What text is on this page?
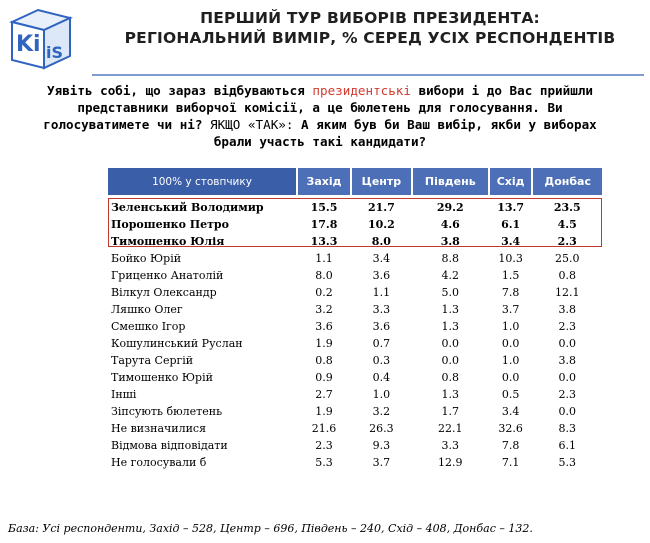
Ki iS
ПЕРШИЙ ТУР ВИБОРІВ ПРЕЗИДЕНТА:
РЕГІОНАЛЬНИЙ ВИМІР, % СЕРЕД УСІХ РЕСПОНДЕНТІВ
Уявіть собі, що зараз відбуваються президентські вибори і до Вас прийшли представники виборчої комісії, а це бюлетень для голосування. Ви голосуватимете чи ні? ЯКЩО «ТАК»: А яким був би Ваш вибір, якби у виборах брали участь такі кандидати?
100% у стовпчику	Захід	Центр	Південь	Схід	Донбас
Зеленський Володимир	15.5	21.7	29.2	13.7	23.5
Порошенко Петро	17.8	10.2	4.6	6.1	4.5
Тимошенко Юлія	13.3	8.0	3.8	3.4	2.3
Бойко Юрій	1.1	3.4	8.8	10.3	25.0
Гриценко Анатолій	8.0	3.6	4.2	1.5	0.8
Вілкул Олександр	0.2	1.1	5.0	7.8	12.1
Ляшко Олег	3.2	3.3	1.3	3.7	3.8
Смешко Ігор	3.6	3.6	1.3	1.0	2.3
Кошулинський Руслан	1.9	0.7	0.0	0.0	0.0
Тарута Сергій	0.8	0.3	0.0	1.0	3.8
Тимошенко Юрій	0.9	0.4	0.8	0.0	0.0
Інші	2.7	1.0	1.3	0.5	2.3
Зіпсують бюлетень	1.9	3.2	1.7	3.4	0.0
Не визначилися	21.6	26.3	22.1	32.6	8.3
Відмова відповідати	2.3	9.3	3.3	7.8	6.1
Не голосували б	5.3	3.7	12.9	7.1	5.3
База: Усі респонденти, Захід – 528, Центр – 696, Південь – 240, Схід – 408, Донбас – 132.
